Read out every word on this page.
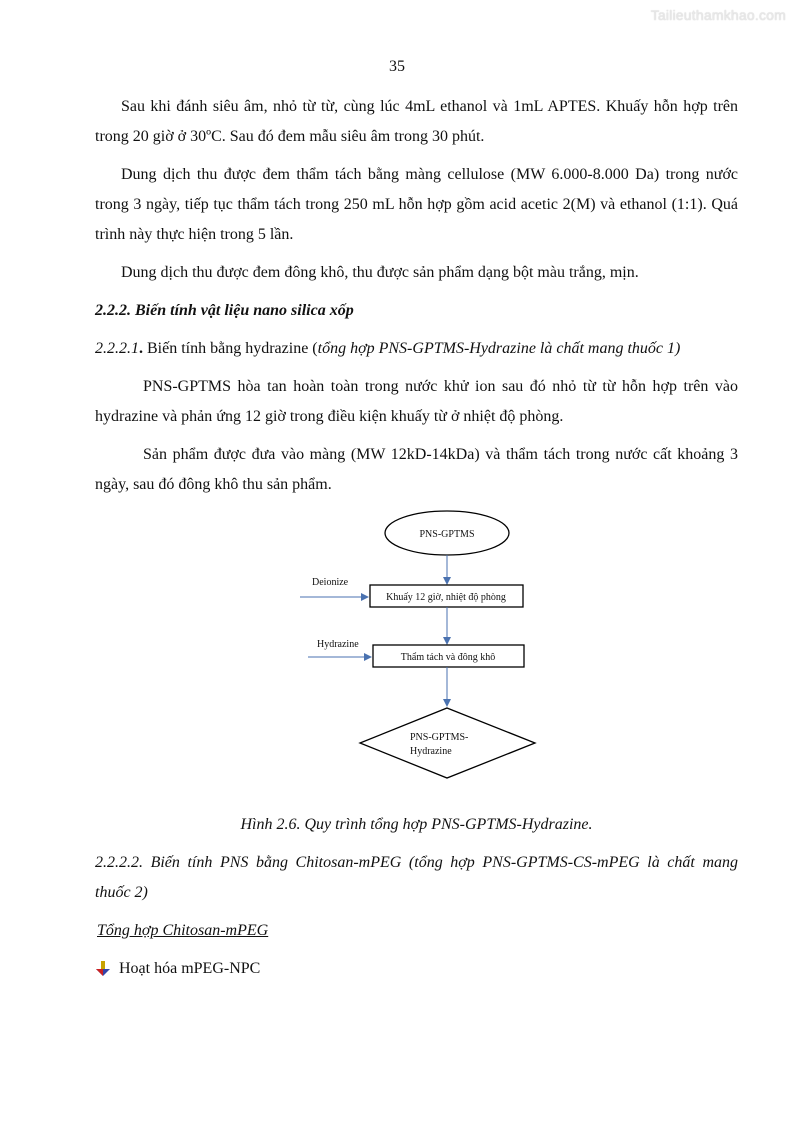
Tailieuthamkhao.com
35

Sau khi đánh siêu âm, nhỏ từ từ, cùng lúc 4mL ethanol và 1mL APTES. Khuấy hỗn hợp trên trong 20 giờ ở 30ºC. Sau đó đem mẫu siêu âm trong 30 phút.

Dung dịch thu được đem thẩm tách bằng màng cellulose (MW 6.000-8.000 Da) trong nước trong 3 ngày, tiếp tục thẩm tách trong 250 mL hỗn hợp gồm acid acetic 2(M) và ethanol (1:1). Quá trình này thực hiện trong 5 lần.

Dung dịch thu được đem đông khô, thu được sản phẩm dạng bột màu trắng, mịn.

2.2.2. Biến tính vật liệu nano silica xốp

2.2.2.1. Biến tính bằng hydrazine (tổng hợp PNS-GPTMS-Hydrazine là chất mang thuốc 1)

PNS-GPTMS hòa tan hoàn toàn trong nước khử ion sau đó nhỏ từ từ hỗn hợp trên vào hydrazine và phản ứng 12 giờ trong điều kiện khuấy từ ở nhiệt độ phòng.

Sản phẩm được đưa vào màng (MW 12kD-14kDa) và thẩm tách trong nước cất khoảng 3 ngày, sau đó đông khô thu sản phẩm.

PNS-GPTMS
Deionize
Khuấy 12 giờ, nhiệt độ phòng
Hydrazine
Thẩm tách và đông khô
PNS-GPTMS-
Hydrazine

Hình 2.6. Quy trình tổng hợp PNS-GPTMS-Hydrazine.

2.2.2.2. Biến tính PNS bằng Chitosan-mPEG (tổng hợp PNS-GPTMS-CS-mPEG là chất mang thuốc 2)

Tổng hợp Chitosan-mPEG

Hoạt hóa mPEG-NPC
